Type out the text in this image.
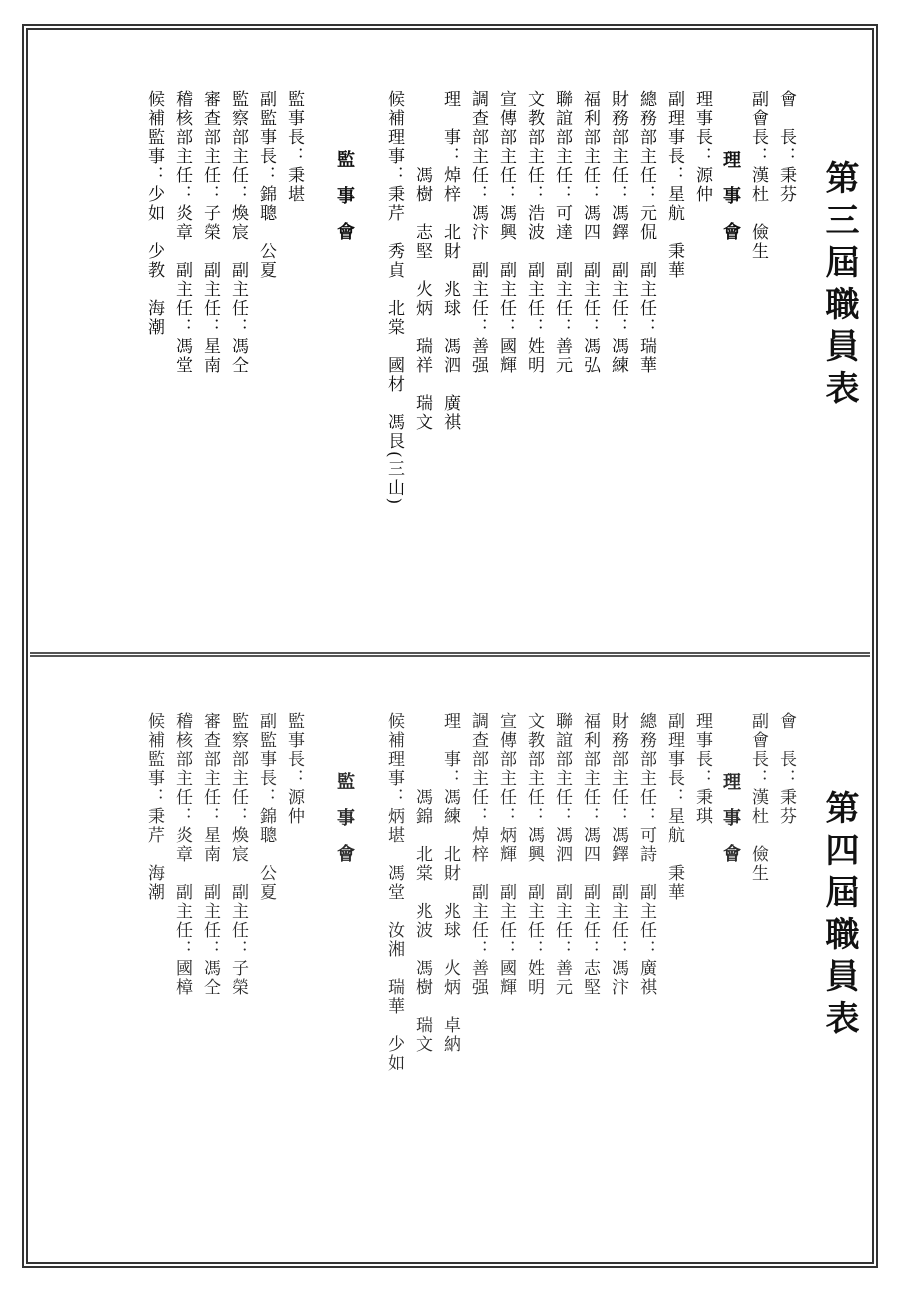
第三屆職員表
會　長：秉芬
副會長：漢杜　儉生
理事會
理事長：源仲
副理事長：星航　秉華
總務部主任：元侃　副主任：瑞華
財務部主任：馮鐸　副主任：馮練
福利部主任：馮四　副主任：馮弘
聯誼部主任：可達　副主任：善元
文教部主任：浩波　副主任：姓明
宣傳部主任：馮興　副主任：國輝
調查部主任：馮汴　副主任：善强
理　事：焯梓　北財　兆球　馮泗　廣祺
　　　　馮樹　志堅　火炳　瑞祥　瑞文
候補理事：秉芹　秀貞　北棠　國材　馮艮(三山)
監事會
監事長：秉堪
副監事長：錦聰　公夏
監察部主任：煥宸　副主任：馮仝
審查部主任：子榮　副主任：星南
稽核部主任：炎章　副主任：馮堂
候補監事：少如　少教　海潮
第四屆職員表
會　長：秉芬
副會長：漢杜　儉生
理事會
理事長：秉琪
副理事長：星航　秉華
總務部主任：可詩　副主任：廣祺
財務部主任：馮鐸　副主任：馮汴
福利部主任：馮四　副主任：志堅
聯誼部主任：馮泗　副主任：善元
文教部主任：馮興　副主任：姓明
宣傳部主任：炳輝　副主任：國輝
調查部主任：焯梓　副主任：善强
理　事：馮練　北財　兆球　火炳　卓納
　　　　馮錦　北棠　兆波　馮樹　瑞文
候補理事：炳堪　馮堂　汝湘　瑞華　少如
監事會
監事長：源仲
副監事長：錦聰　公夏
監察部主任：煥宸　副主任：子榮
審查部主任：星南　副主任：馮仝
稽核部主任：炎章　副主任：國樟
候補監事：秉芹　海潮
